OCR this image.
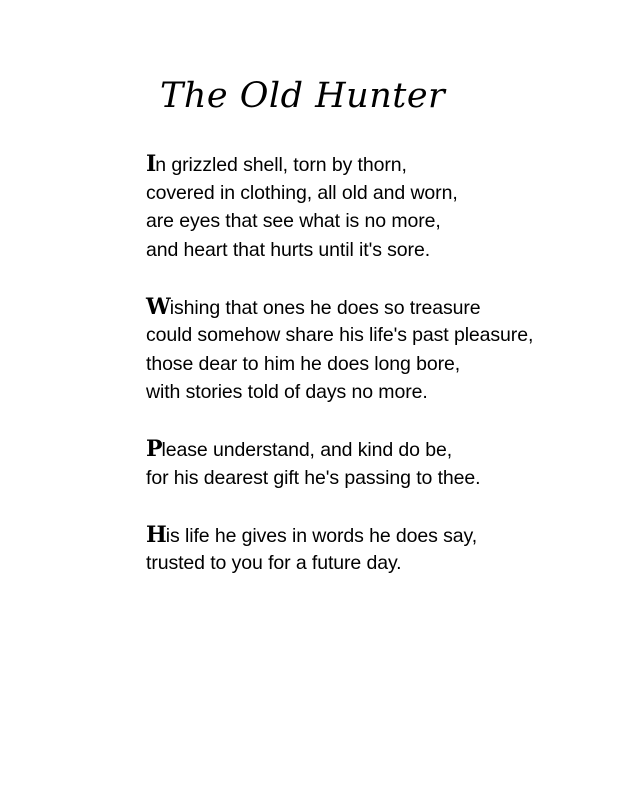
The Old Hunter
In grizzled shell, torn by thorn,
covered in clothing, all old and worn,
are eyes that see what is no more,
and heart that hurts until it's sore.
Wishing that ones he does so treasure
could somehow share his life's past pleasure,
those dear to him he does long bore,
with stories told of days no more.
Please understand, and kind do be,
for his dearest gift he's passing to thee.
His life he gives in words he does say,
trusted to you for a future day.
